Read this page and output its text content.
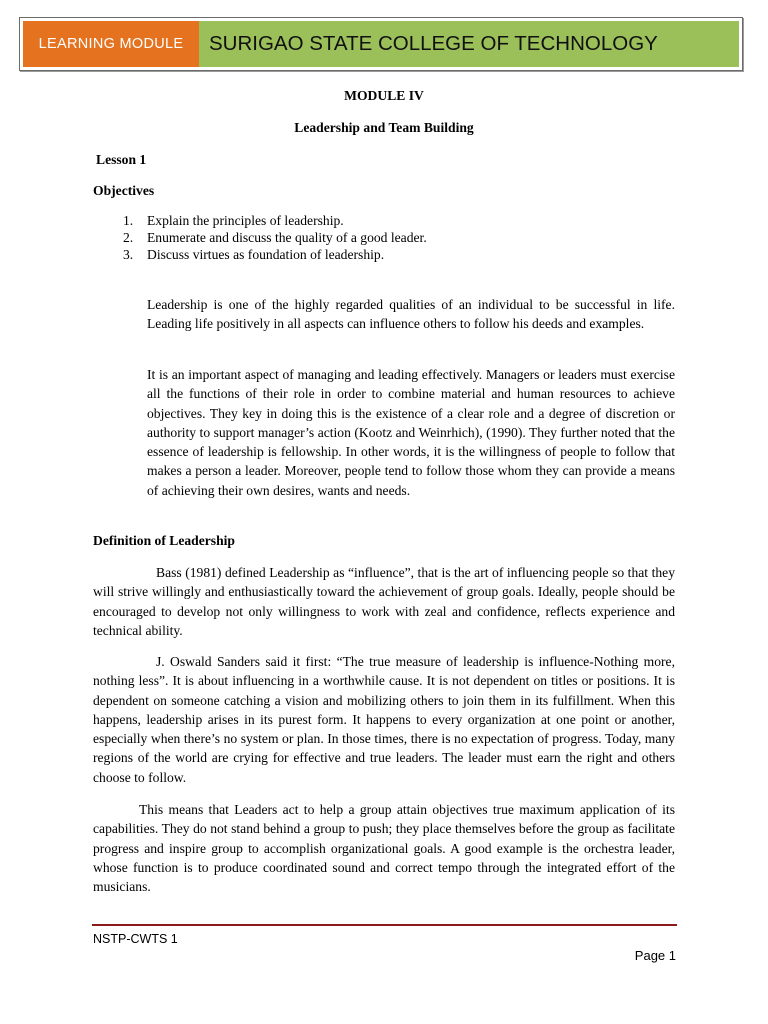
LEARNING MODULE	SURIGAO STATE COLLEGE OF TECHNOLOGY
MODULE IV
Leadership and Team Building
Lesson 1
Objectives
1. Explain the principles of leadership.
2. Enumerate and discuss the quality of a good leader.
3. Discuss virtues as foundation of leadership.
Leadership is one of the highly regarded qualities of an individual to be successful in life. Leading life positively in all aspects can influence others to follow his deeds and examples.
It is an important aspect of managing and leading effectively. Managers or leaders must exercise all the functions of their role in order to combine material and human resources to achieve objectives. They key in doing this is the existence of a clear role and a degree of discretion or authority to support manager’s action (Kootz and Weinrhich), (1990). They further noted that the essence of leadership is fellowship. In other words, it is the willingness of people to follow that makes a person a leader. Moreover, people tend to follow those whom they can provide a means of achieving their own desires, wants and needs.
Definition of Leadership
Bass (1981) defined Leadership as “influence”, that is the art of influencing people so that they will strive willingly and enthusiastically toward the achievement of group goals. Ideally, people should be encouraged to develop not only willingness to work with zeal and confidence, reflects experience and technical ability.
J. Oswald Sanders said it first: “The true measure of leadership is influence-Nothing more, nothing less”. It is about influencing in a worthwhile cause. It is not dependent on titles or positions. It is dependent on someone catching a vision and mobilizing others to join them in its fulfillment. When this happens, leadership arises in its purest form. It happens to every organization at one point or another, especially when there’s no system or plan. In those times, there is no expectation of progress. Today, many regions of the world are crying for effective and true leaders. The leader must earn the right and others choose to follow.
This means that Leaders act to help a group attain objectives true maximum application of its capabilities. They do not stand behind a group to push; they place themselves before the group as facilitate progress and inspire group to accomplish organizational goals. A good example is the orchestra leader, whose function is to produce coordinated sound and correct tempo through the integrated effort of the musicians.
NSTP-CWTS 1
Page 1
